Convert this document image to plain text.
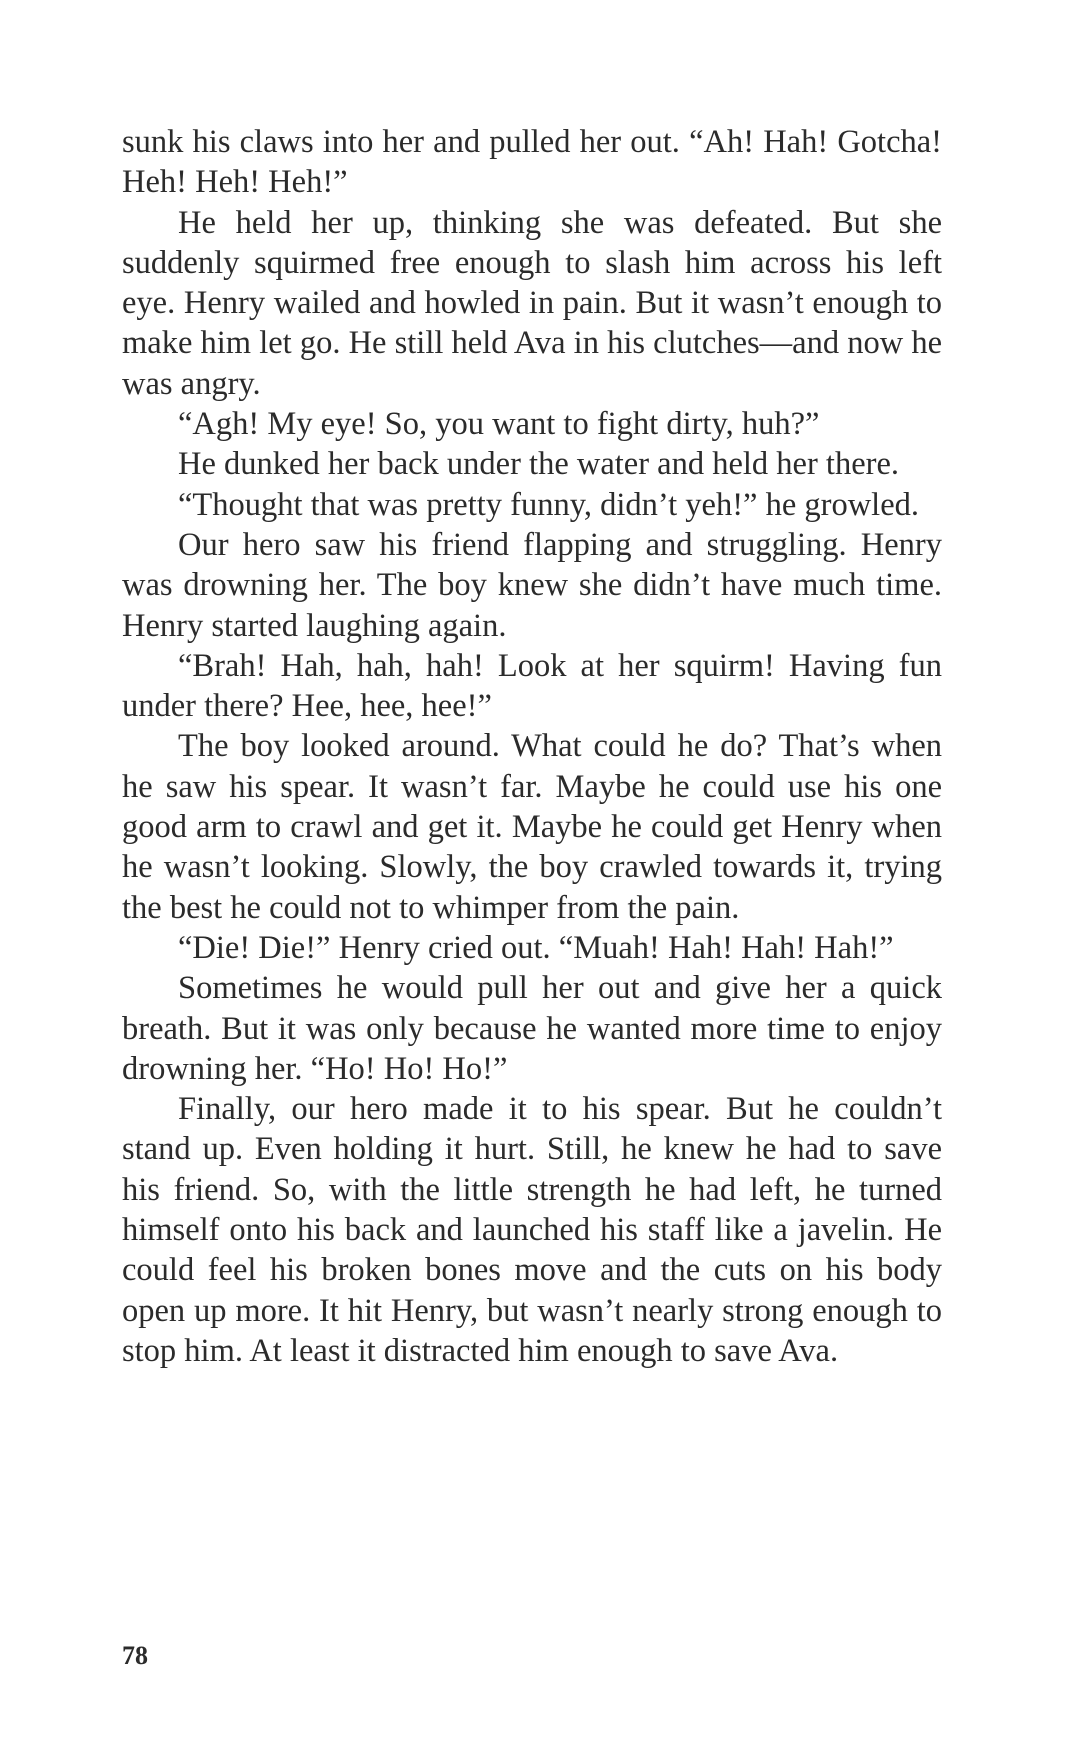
sunk his claws into her and pulled her out. “Ah! Hah! Gotcha! Heh! Heh! Heh!”

He held her up, thinking she was defeated. But she suddenly squirmed free enough to slash him across his left eye. Henry wailed and howled in pain. But it wasn’t enough to make him let go. He still held Ava in his clutches—and now he was angry.

“Agh! My eye! So, you want to fight dirty, huh?”

He dunked her back under the water and held her there.

“Thought that was pretty funny, didn’t yeh!” he growled.

Our hero saw his friend flapping and struggling. Henry was drowning her. The boy knew she didn’t have much time. Henry started laughing again.

“Brah! Hah, hah, hah! Look at her squirm! Having fun under there? Hee, hee, hee!”

The boy looked around. What could he do? That’s when he saw his spear. It wasn’t far. Maybe he could use his one good arm to crawl and get it. Maybe he could get Henry when he wasn’t looking. Slowly, the boy crawled towards it, trying the best he could not to whimper from the pain.

“Die! Die!” Henry cried out. “Muah! Hah! Hah! Hah!”

Sometimes he would pull her out and give her a quick breath. But it was only because he wanted more time to enjoy drowning her. “Ho! Ho! Ho!”

Finally, our hero made it to his spear. But he couldn’t stand up. Even holding it hurt. Still, he knew he had to save his friend. So, with the little strength he had left, he turned himself onto his back and launched his staff like a javelin. He could feel his broken bones move and the cuts on his body open up more. It hit Henry, but wasn’t nearly strong enough to stop him. At least it distracted him enough to save Ava.

78
